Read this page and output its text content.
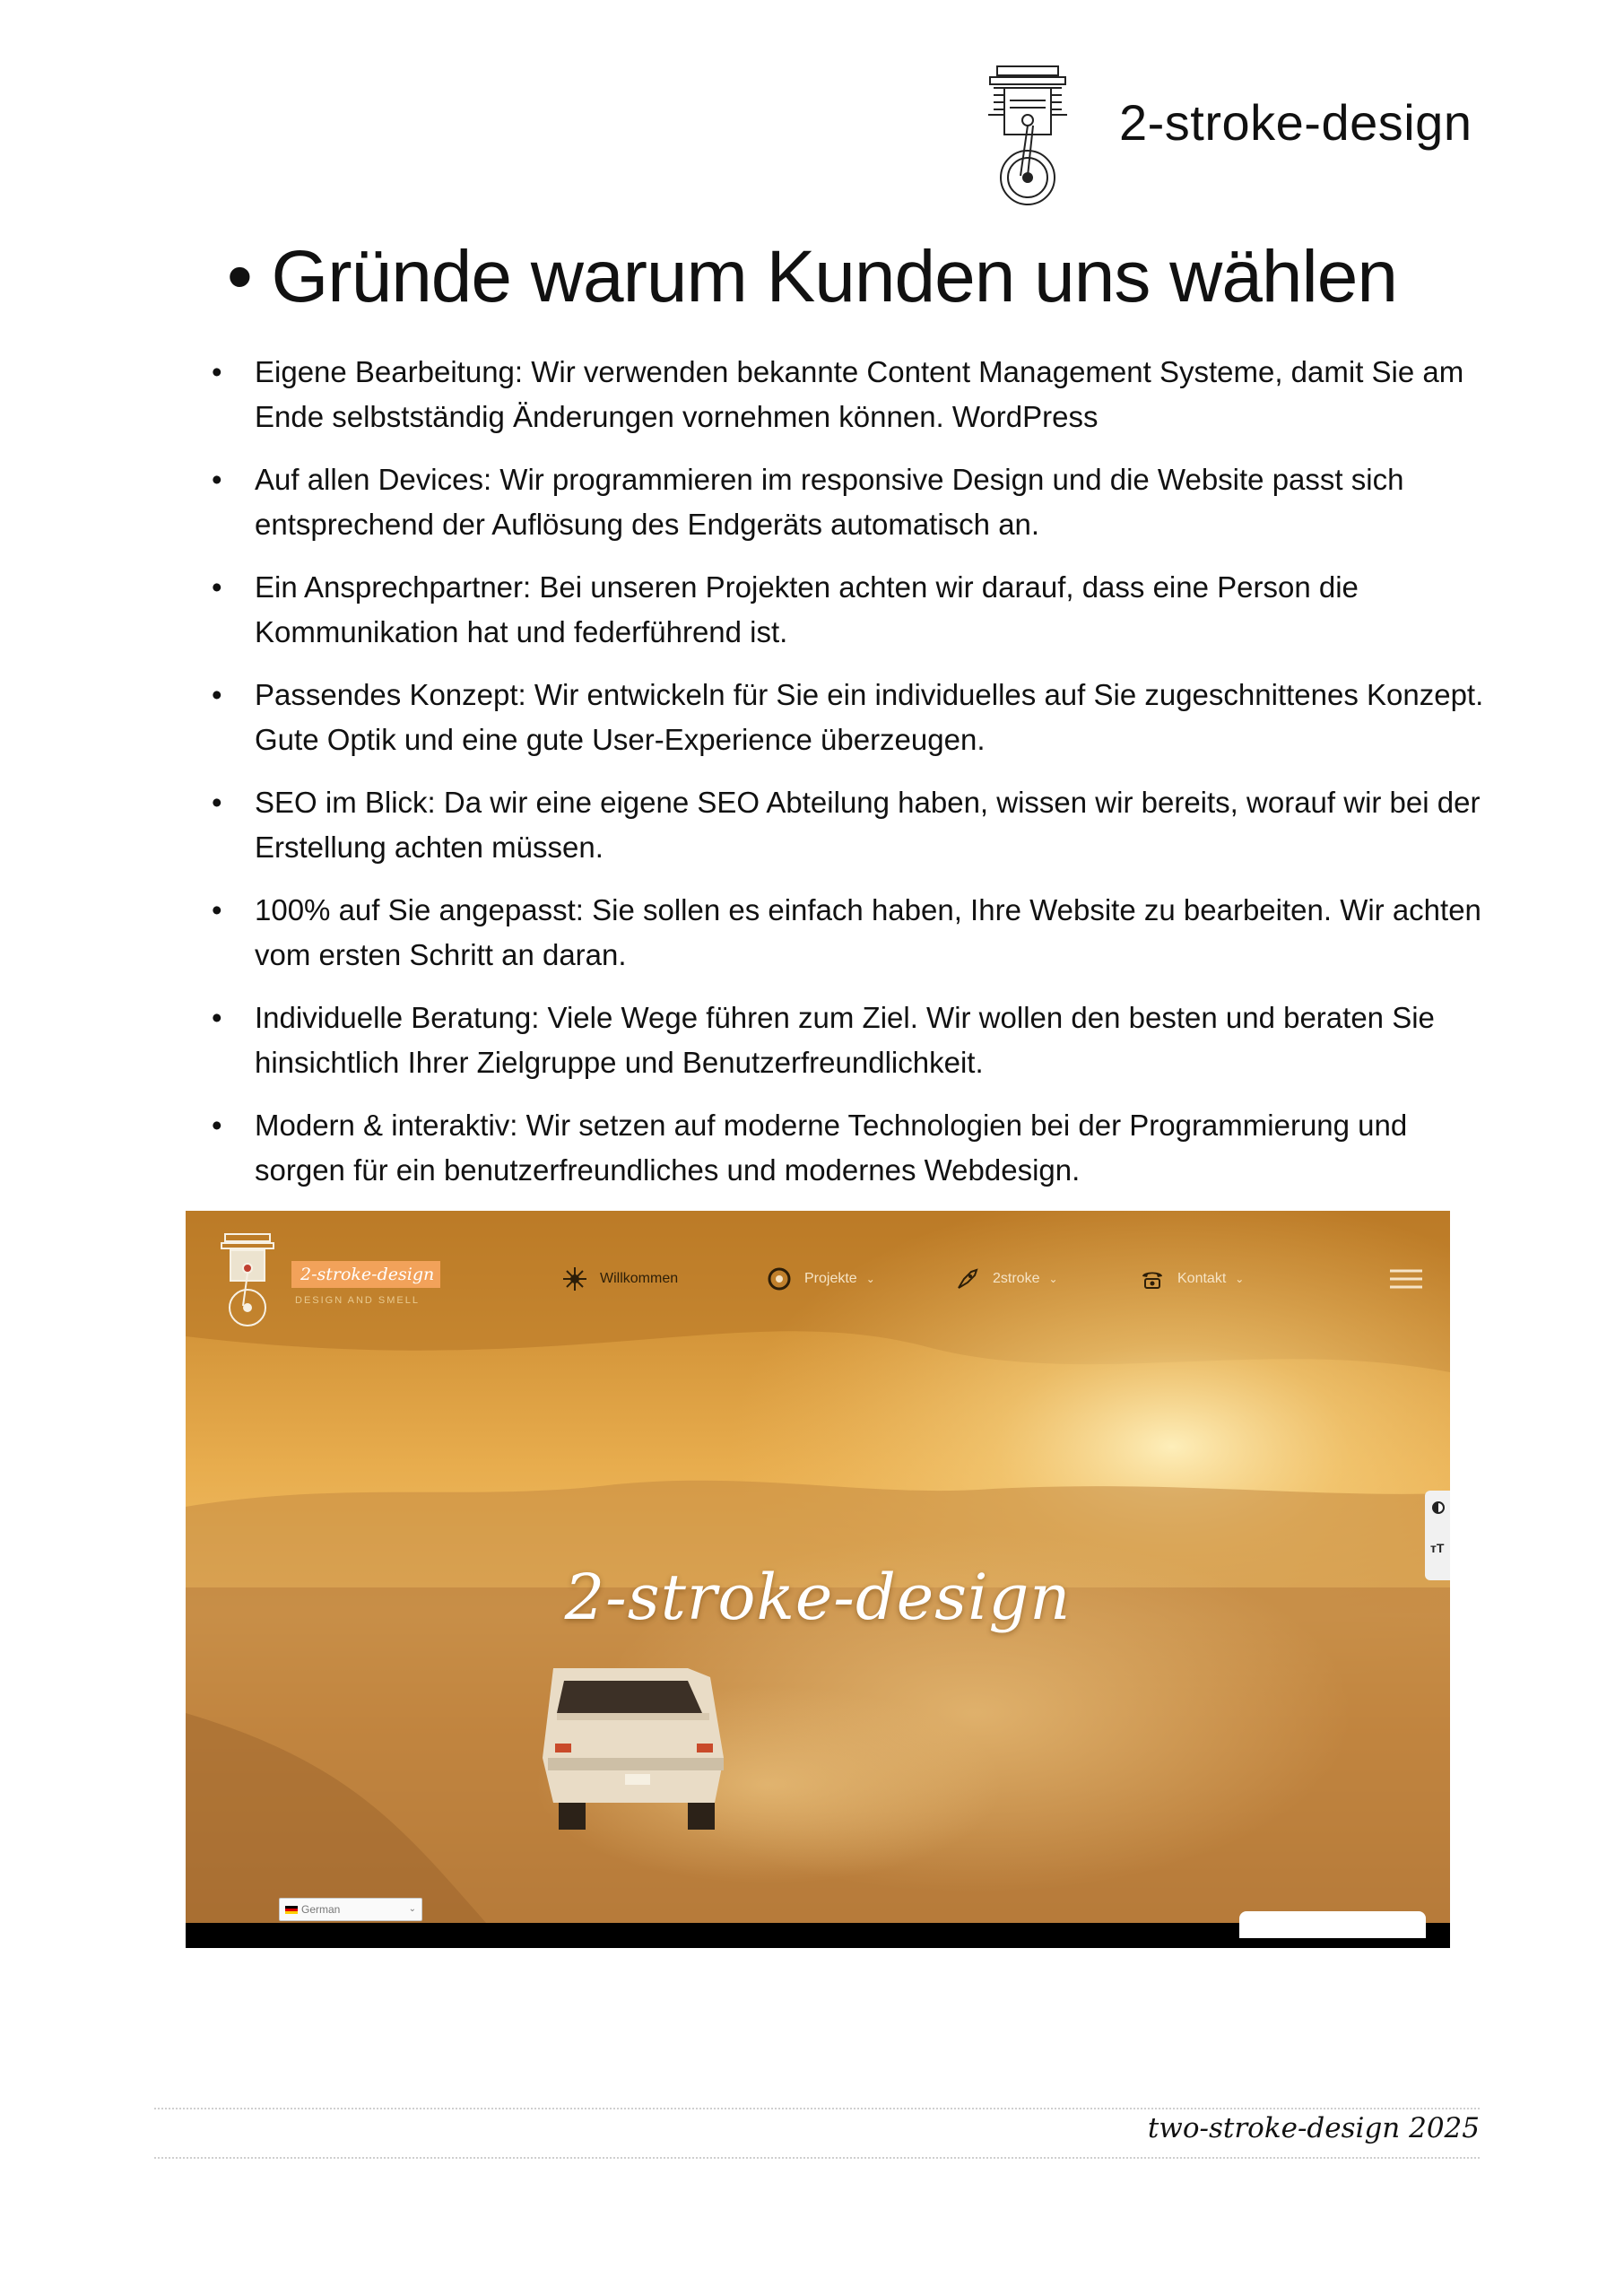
2-stroke-design
• Gründe warum Kunden uns wählen
• Eigene Bearbeitung: Wir verwenden bekannte Content Management Systeme, damit Sie am Ende selbstständig Änderungen vornehmen können. WordPress
• Auf allen Devices: Wir programmieren im responsive Design und die Website passt sich entsprechend der Auflösung des Endgeräts automatisch an.
• Ein Ansprechpartner: Bei unseren Projekten achten wir darauf, dass eine Person die Kommunikation hat und federführend ist.
• Passendes Konzept: Wir entwickeln für Sie ein individuelles auf Sie zugeschnittenes Konzept. Gute Optik und eine gute User-Experience überzeugen.
• SEO im Blick: Da wir eine eigene SEO Abteilung haben, wissen wir bereits, worauf wir bei der Erstellung achten müssen.
• 100% auf Sie angepasst: Sie sollen es einfach haben, Ihre Website zu bearbeiten. Wir achten vom ersten Schritt an daran.
• Individuelle Beratung: Viele Wege führen zum Ziel. Wir wollen den besten und beraten Sie hinsichtlich Ihrer Zielgruppe und Benutzerfreundlichkeit.
• Modern & interaktiv: Wir setzen auf moderne Technologien bei der Programmierung und sorgen für ein benutzerfreundliches und modernes Webdesign.
2-stroke-design
DESIGN AND SMELL
Willkommen	Projekte ⌄	2stroke ⌄	Kontakt ⌄
2-stroke-design
тT
German	⌄
two-stroke-design 2025
